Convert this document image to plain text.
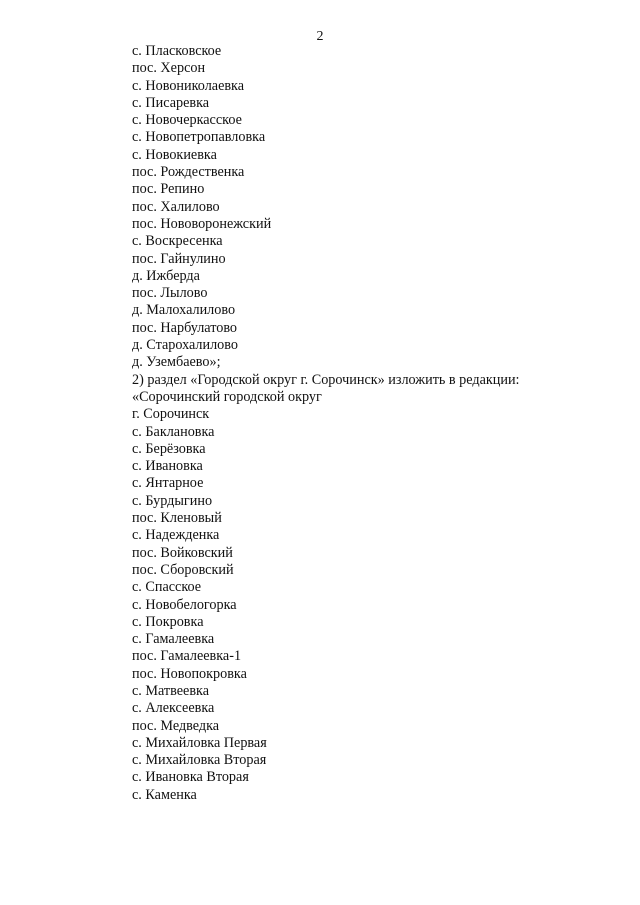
2
с. Пласковское
пос. Херсон
с. Новониколаевка
с. Писаревка
с. Новочеркасское
с. Новопетропавловка
с. Новокиевка
пос. Рождественка
пос. Репино
пос. Халилово
пос. Нововоронежский
с. Воскресенка
пос. Гайнулино
д. Ижберда
пос. Лылово
д. Малохалилово
пос. Нарбулатово
д. Старохалилово
д. Узембаево»;
2) раздел «Городской округ г. Сорочинск» изложить в редакции:
«Сорочинский городской округ
г. Сорочинск
с. Баклановка
с. Берёзовка
с. Ивановка
с. Янтарное
с. Бурдыгино
пос. Кленовый
с. Надежденка
пос. Войковский
пос. Сборовский
с. Спасское
с. Новобелогорка
с. Покровка
с. Гамалеевка
пос. Гамалеевка-1
пос. Новопокровка
с. Матвеевка
с. Алексеевка
пос. Медведка
с. Михайловка Первая
с. Михайловка Вторая
с. Ивановка Вторая
с. Каменка
